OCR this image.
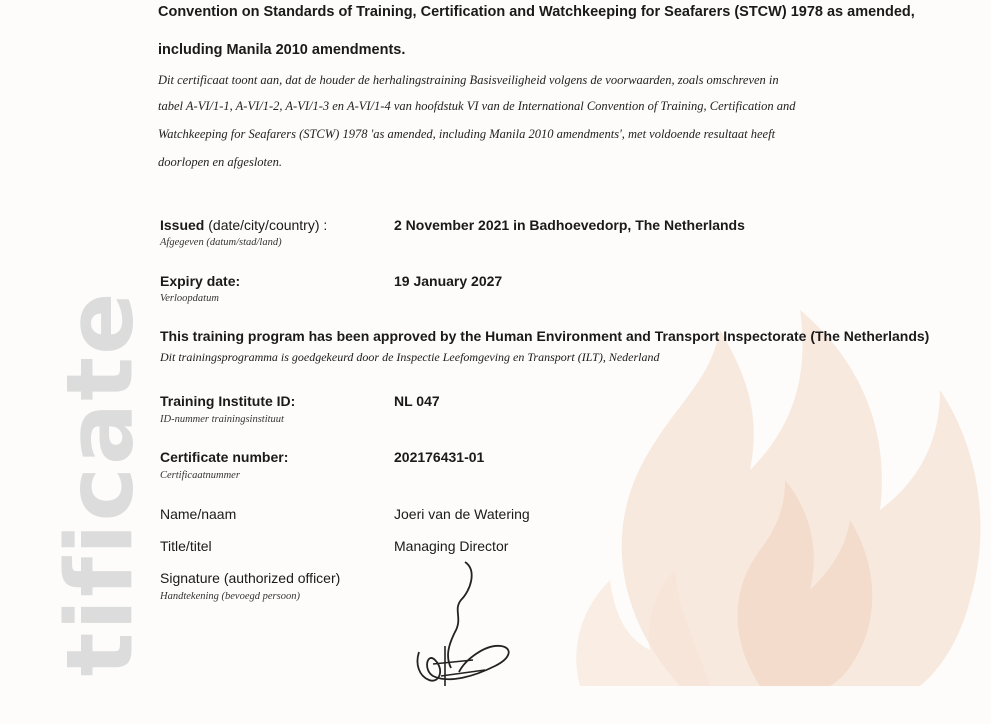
tificate
Convention on Standards of Training, Certification and Watchkeeping for Seafarers (STCW) 1978 as amended,
including Manila 2010 amendments.
Dit certificaat toont aan, dat de houder de herhalingstraining Basisveiligheid volgens de voorwaarden, zoals omschreven in
tabel A-VI/1-1, A-VI/1-2, A-VI/1-3 en A-VI/1-4 van hoofdstuk VI van de International Convention of Training, Certification and
Watchkeeping for Seafarers (STCW) 1978 'as amended, including Manila 2010 amendments', met voldoende resultaat heeft
doorlopen en afgesloten.
Issued (date/city/country) :
Afgegeven (datum/stad/land)
2 November 2021 in Badhoevedorp, The Netherlands
Expiry date:
Verloopdatum
19 January 2027
This training program has been approved by the Human Environment and Transport Inspectorate (The Netherlands)
Dit trainingsprogramma is goedgekeurd door de Inspectie Leefomgeving en Transport (ILT), Nederland
Training Institute ID:
ID-nummer trainingsinstituut
NL 047
Certificate number:
Certificaatnummer
202176431-01
Name/naam	Joeri van de Watering
Title/titel	Managing Director
Signature (authorized officer)
Handtekening (bevoegd persoon)
